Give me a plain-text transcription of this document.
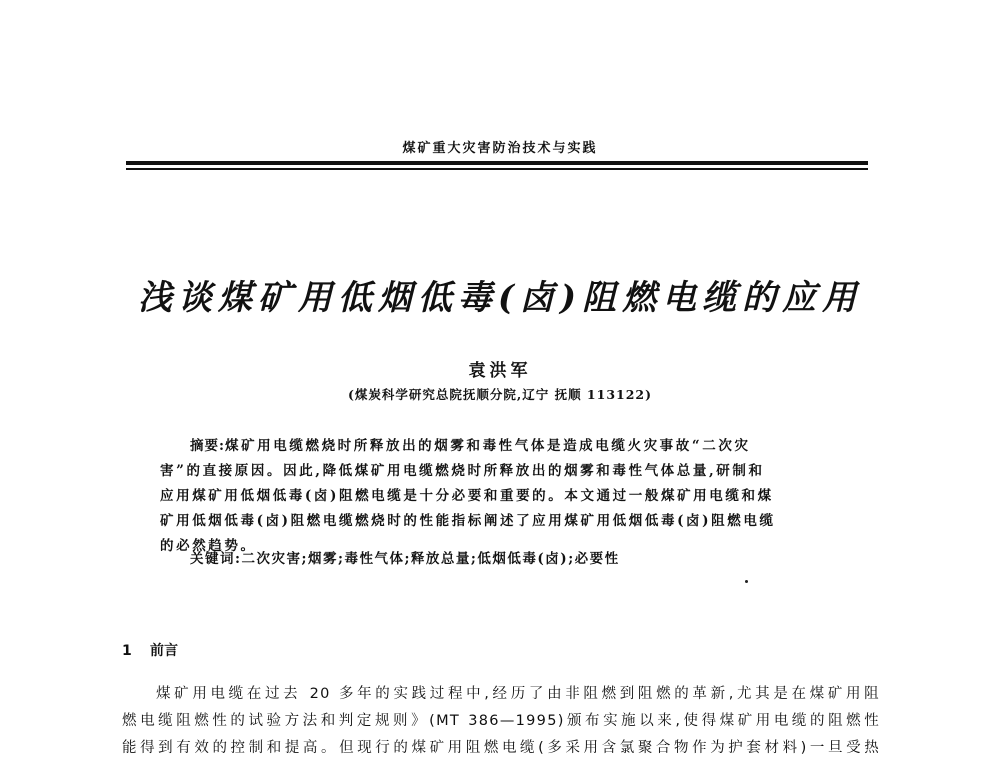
煤矿重大灾害防治技术与实践
浅谈煤矿用低烟低毒(卤)阻燃电缆的应用
袁洪军
(煤炭科学研究总院抚顺分院,辽宁 抚顺 113122)
摘要:煤矿用电缆燃烧时所释放出的烟雾和毒性气体是造成电缆火灾事故“二次灾
害”的直接原因。因此,降低煤矿用电缆燃烧时所释放出的烟雾和毒性气体总量,研制和
应用煤矿用低烟低毒(卤)阻燃电缆是十分必要和重要的。本文通过一般煤矿用电缆和煤
矿用低烟低毒(卤)阻燃电缆燃烧时的性能指标阐述了应用煤矿用低烟低毒(卤)阻燃电缆
的必然趋势。
关键词:二次灾害;烟雾;毒性气体;释放总量;低烟低毒(卤);必要性
1 前言
煤矿用电缆在过去 20 多年的实践过程中,经历了由非阻燃到阻燃的革新,尤其是在煤矿用阻
燃电缆阻燃性的试验方法和判定规则》(MT 386—1995)颁布实施以来,使得煤矿用电缆的阻燃性
能得到有效的控制和提高。但现行的煤矿用阻燃电缆(多采用含氯聚合物作为护套材料)一旦受热
